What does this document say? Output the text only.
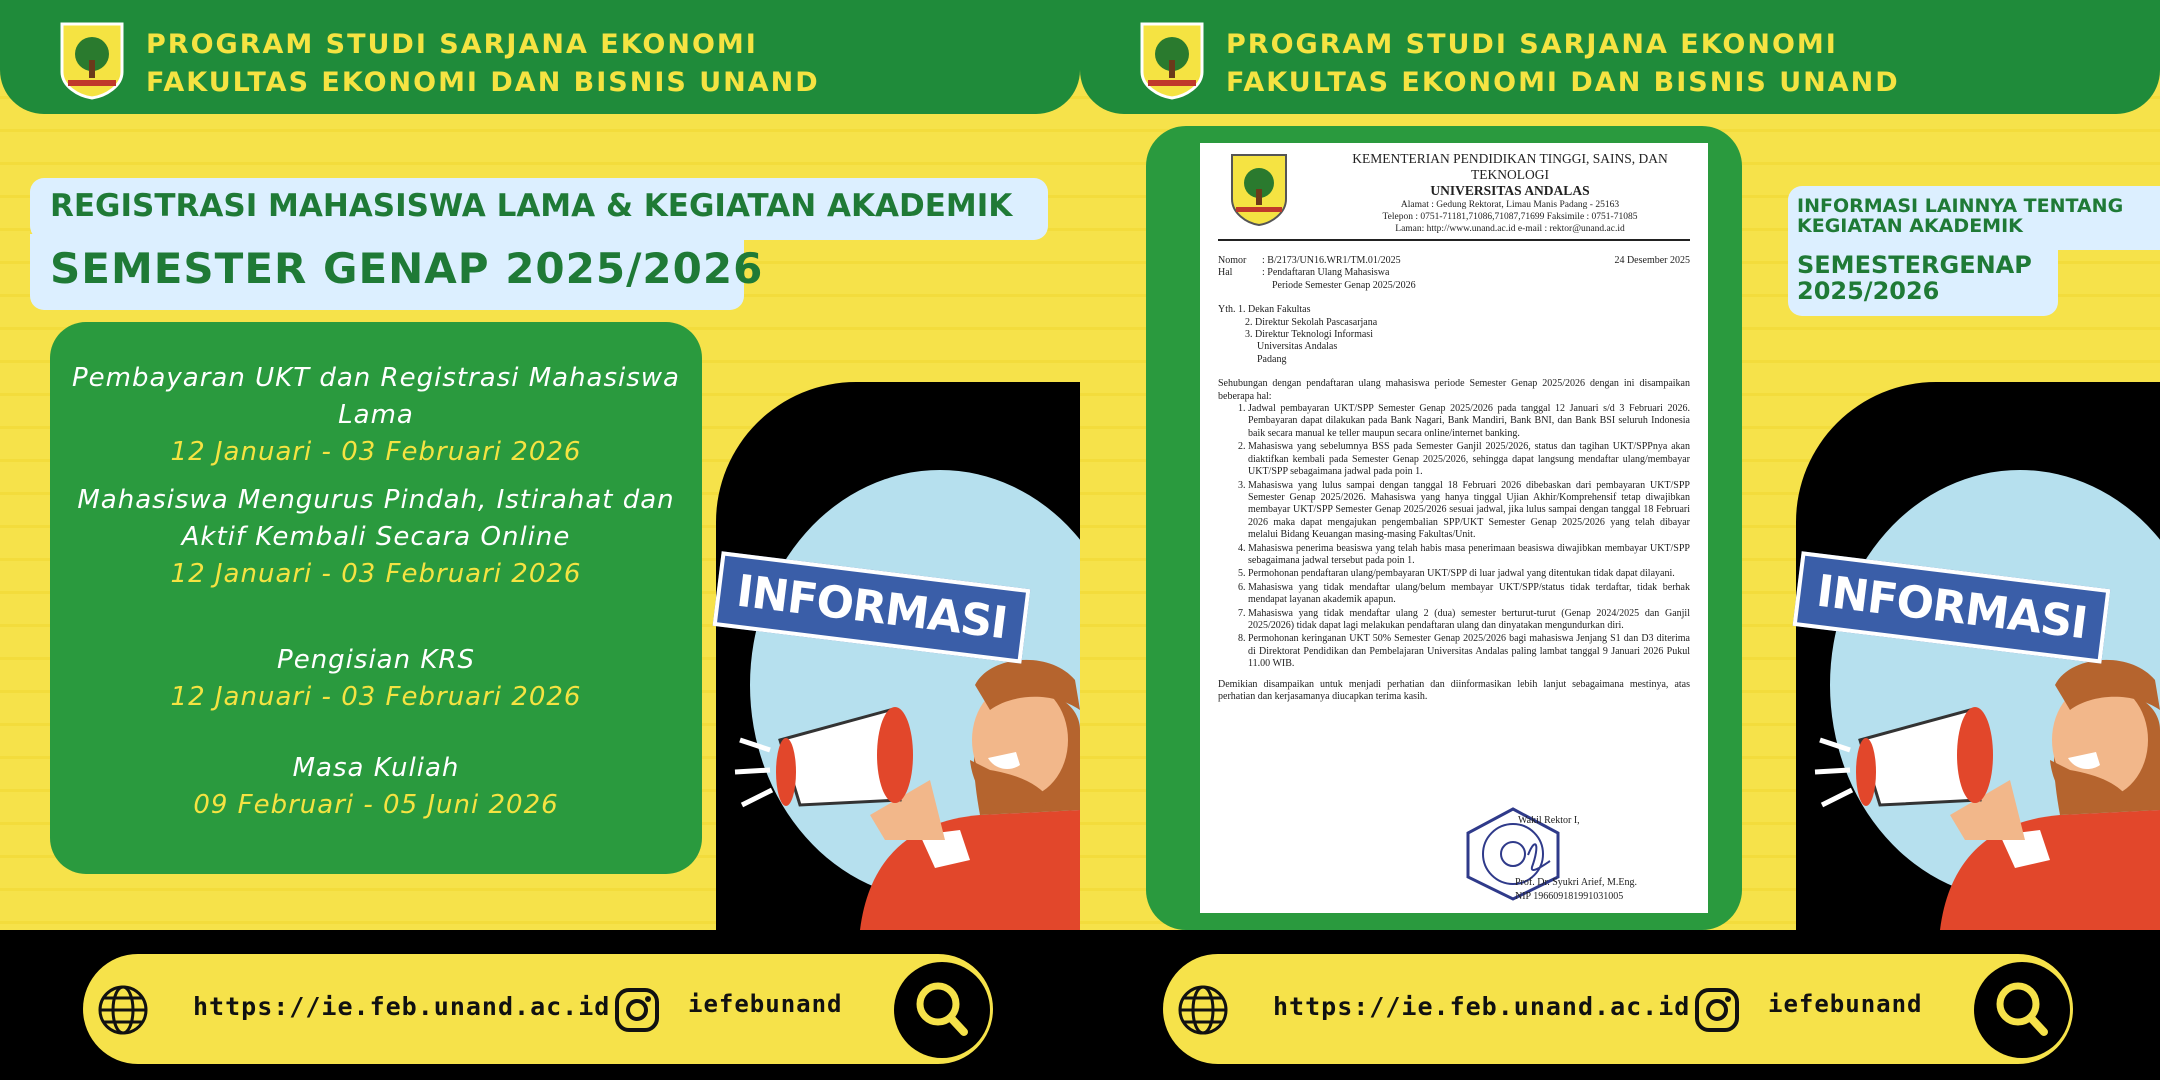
INFORMASI
PROGRAM STUDI SARJANA EKONOMI
FAKULTAS EKONOMI DAN BISNIS UNAND
REGISTRASI MAHASISWA LAMA & KEGIATAN AKADEMIK
SEMESTER GENAP 2025/2026
Pembayaran UKT dan Registrasi Mahasiswa Lama
12 Januari - 03 Februari 2026
Mahasiswa Mengurus Pindah, Istirahat dan Aktif Kembali Secara Online
12 Januari - 03 Februari 2026
Pengisian KRS
12 Januari - 03 Februari 2026
Masa Kuliah
09 Februari - 05 Juni 2026
https://ie.feb.unand.ac.id	iefebunand
INFORMASI
PROGRAM STUDI SARJANA EKONOMI
FAKULTAS EKONOMI DAN BISNIS UNAND
https://ie.feb.unand.ac.id	iefebunand
INFORMASI LAINNYA TENTANG KEGIATAN AKADEMIK
SEMESTERGENAP 2025/2026
KEMENTERIAN PENDIDIKAN TINGGI, SAINS, DAN TEKNOLOGI
UNIVERSITAS ANDALAS
Alamat : Gedung Rektorat, Limau Manis Padang - 25163
Telepon : 0751-71181,71086,71087,71699 Faksimile : 0751-71085
Laman: http://www.unand.ac.id e-mail : rektor@unand.ac.id
Nomor	: B/2173/UN16.WR1/TM.01/2025	24 Desember 2025
Hal	: Pendaftaran Ulang Mahasiswa
Periode Semester Genap 2025/2026
Yth. 1. Dekan Fakultas
2. Direktur Sekolah Pascasarjana
3. Direktur Teknologi Informasi
Universitas Andalas
Padang

Sehubungan dengan pendaftaran ulang mahasiswa periode Semester Genap 2025/2026 dengan ini disampaikan beberapa hal:

1. Jadwal pembayaran UKT/SPP Semester Genap 2025/2026 pada tanggal 12 Januari s/d 3 Februari 2026. Pembayaran dapat dilakukan pada Bank Nagari, Bank Mandiri, Bank BNI, dan Bank BSI seluruh Indonesia baik secara manual ke teller maupun secara online/internet banking.
2. Mahasiswa yang sebelumnya BSS pada Semester Ganjil 2025/2026, status dan tagihan UKT/SPPnya akan diaktifkan kembali pada Semester Genap 2025/2026, sehingga dapat langsung mendaftar ulang/membayar UKT/SPP sebagaimana jadwal pada poin 1.
3. Mahasiswa yang lulus sampai dengan tanggal 18 Februari 2026 dibebaskan dari pembayaran UKT/SPP Semester Genap 2025/2026. Mahasiswa yang hanya tinggal Ujian Akhir/Komprehensif tetap diwajibkan membayar UKT/SPP Semester Genap 2025/2026 sesuai jadwal, jika lulus sampai dengan tanggal 18 Februari 2026 maka dapat mengajukan pengembalian SPP/UKT Semester Genap 2025/2026 yang telah dibayar melalui Bidang Keuangan masing-masing Fakultas/Unit.
4. Mahasiswa penerima beasiswa yang telah habis masa penerimaan beasiswa diwajibkan membayar UKT/SPP sebagaimana jadwal tersebut pada poin 1.
5. Permohonan pendaftaran ulang/pembayaran UKT/SPP di luar jadwal yang ditentukan tidak dapat dilayani.
6. Mahasiswa yang tidak mendaftar ulang/belum membayar UKT/SPP/status tidak terdaftar, tidak berhak mendapat layanan akademik apapun.
7. Mahasiswa yang tidak mendaftar ulang 2 (dua) semester berturut-turut (Genap 2024/2025 dan Ganjil 2025/2026) tidak dapat lagi melakukan pendaftaran ulang dan dinyatakan mengundurkan diri.
8. Permohonan keringanan UKT 50% Semester Genap 2025/2026 bagi mahasiswa Jenjang S1 dan D3 diterima di Direktorat Pendidikan dan Pembelajaran Universitas Andalas paling lambat tanggal 9 Januari 2026 Pukul 11.00 WIB.

Demikian disampaikan untuk menjadi perhatian dan diinformasikan lebih lanjut sebagaimana mestinya, atas perhatian dan kerjasamanya diucapkan terima kasih.

Wakil Rektor I,
Prof. Dr. Syukri Arief, M.Eng.
NIP 196609181991031005
